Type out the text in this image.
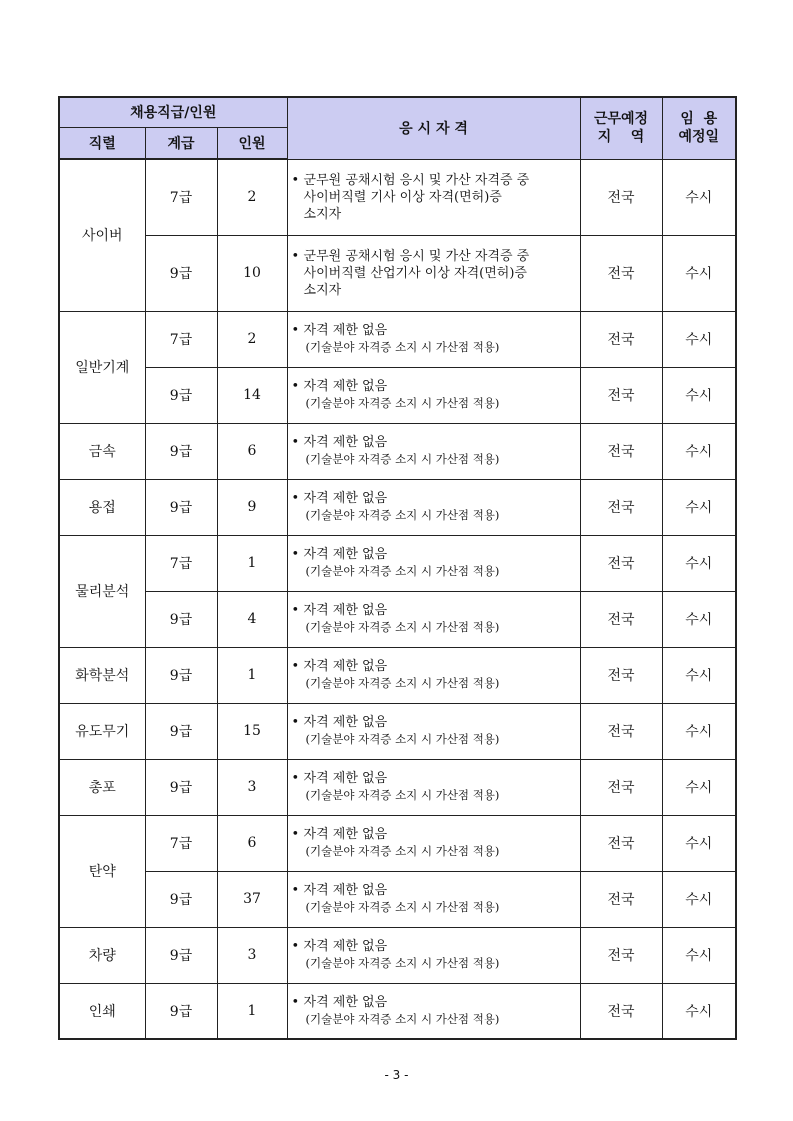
채용직급/인원			응 시 자 격	근무예정
지    역	임  용
예정일

직렬	계급	인원			
사이버	7급	2	• 군무원 공채시험 응시 및 가산 자격증 중
사이버직렬 기사 이상 자격(면허)증
소지자	전국	수시
	9급	10	• 군무원 공채시험 응시 및 가산 자격증 중
사이버직렬 산업기사 이상 자격(면허)증
소지자	전국	수시
일반기계	7급	2	• 자격 제한 없음
(기술분야 자격증 소지 시 가산점 적용)	전국	수시
	9급	14	• 자격 제한 없음
(기술분야 자격증 소지 시 가산점 적용)	전국	수시
금속	9급	6	• 자격 제한 없음
(기술분야 자격증 소지 시 가산점 적용)	전국	수시
용접	9급	9	• 자격 제한 없음
(기술분야 자격증 소지 시 가산점 적용)	전국	수시
물리분석	7급	1	• 자격 제한 없음
(기술분야 자격증 소지 시 가산점 적용)	전국	수시
	9급	4	• 자격 제한 없음
(기술분야 자격증 소지 시 가산점 적용)	전국	수시
화학분석	9급	1	• 자격 제한 없음
(기술분야 자격증 소지 시 가산점 적용)	전국	수시
유도무기	9급	15	• 자격 제한 없음
(기술분야 자격증 소지 시 가산점 적용)	전국	수시
총포	9급	3	• 자격 제한 없음
(기술분야 자격증 소지 시 가산점 적용)	전국	수시
탄약	7급	6	• 자격 제한 없음
(기술분야 자격증 소지 시 가산점 적용)	전국	수시
	9급	37	• 자격 제한 없음
(기술분야 자격증 소지 시 가산점 적용)	전국	수시
차량	9급	3	• 자격 제한 없음
(기술분야 자격증 소지 시 가산점 적용)	전국	수시
인쇄	9급	1	• 자격 제한 없음
(기술분야 자격증 소지 시 가산점 적용)	전국	수시
- 3 -
